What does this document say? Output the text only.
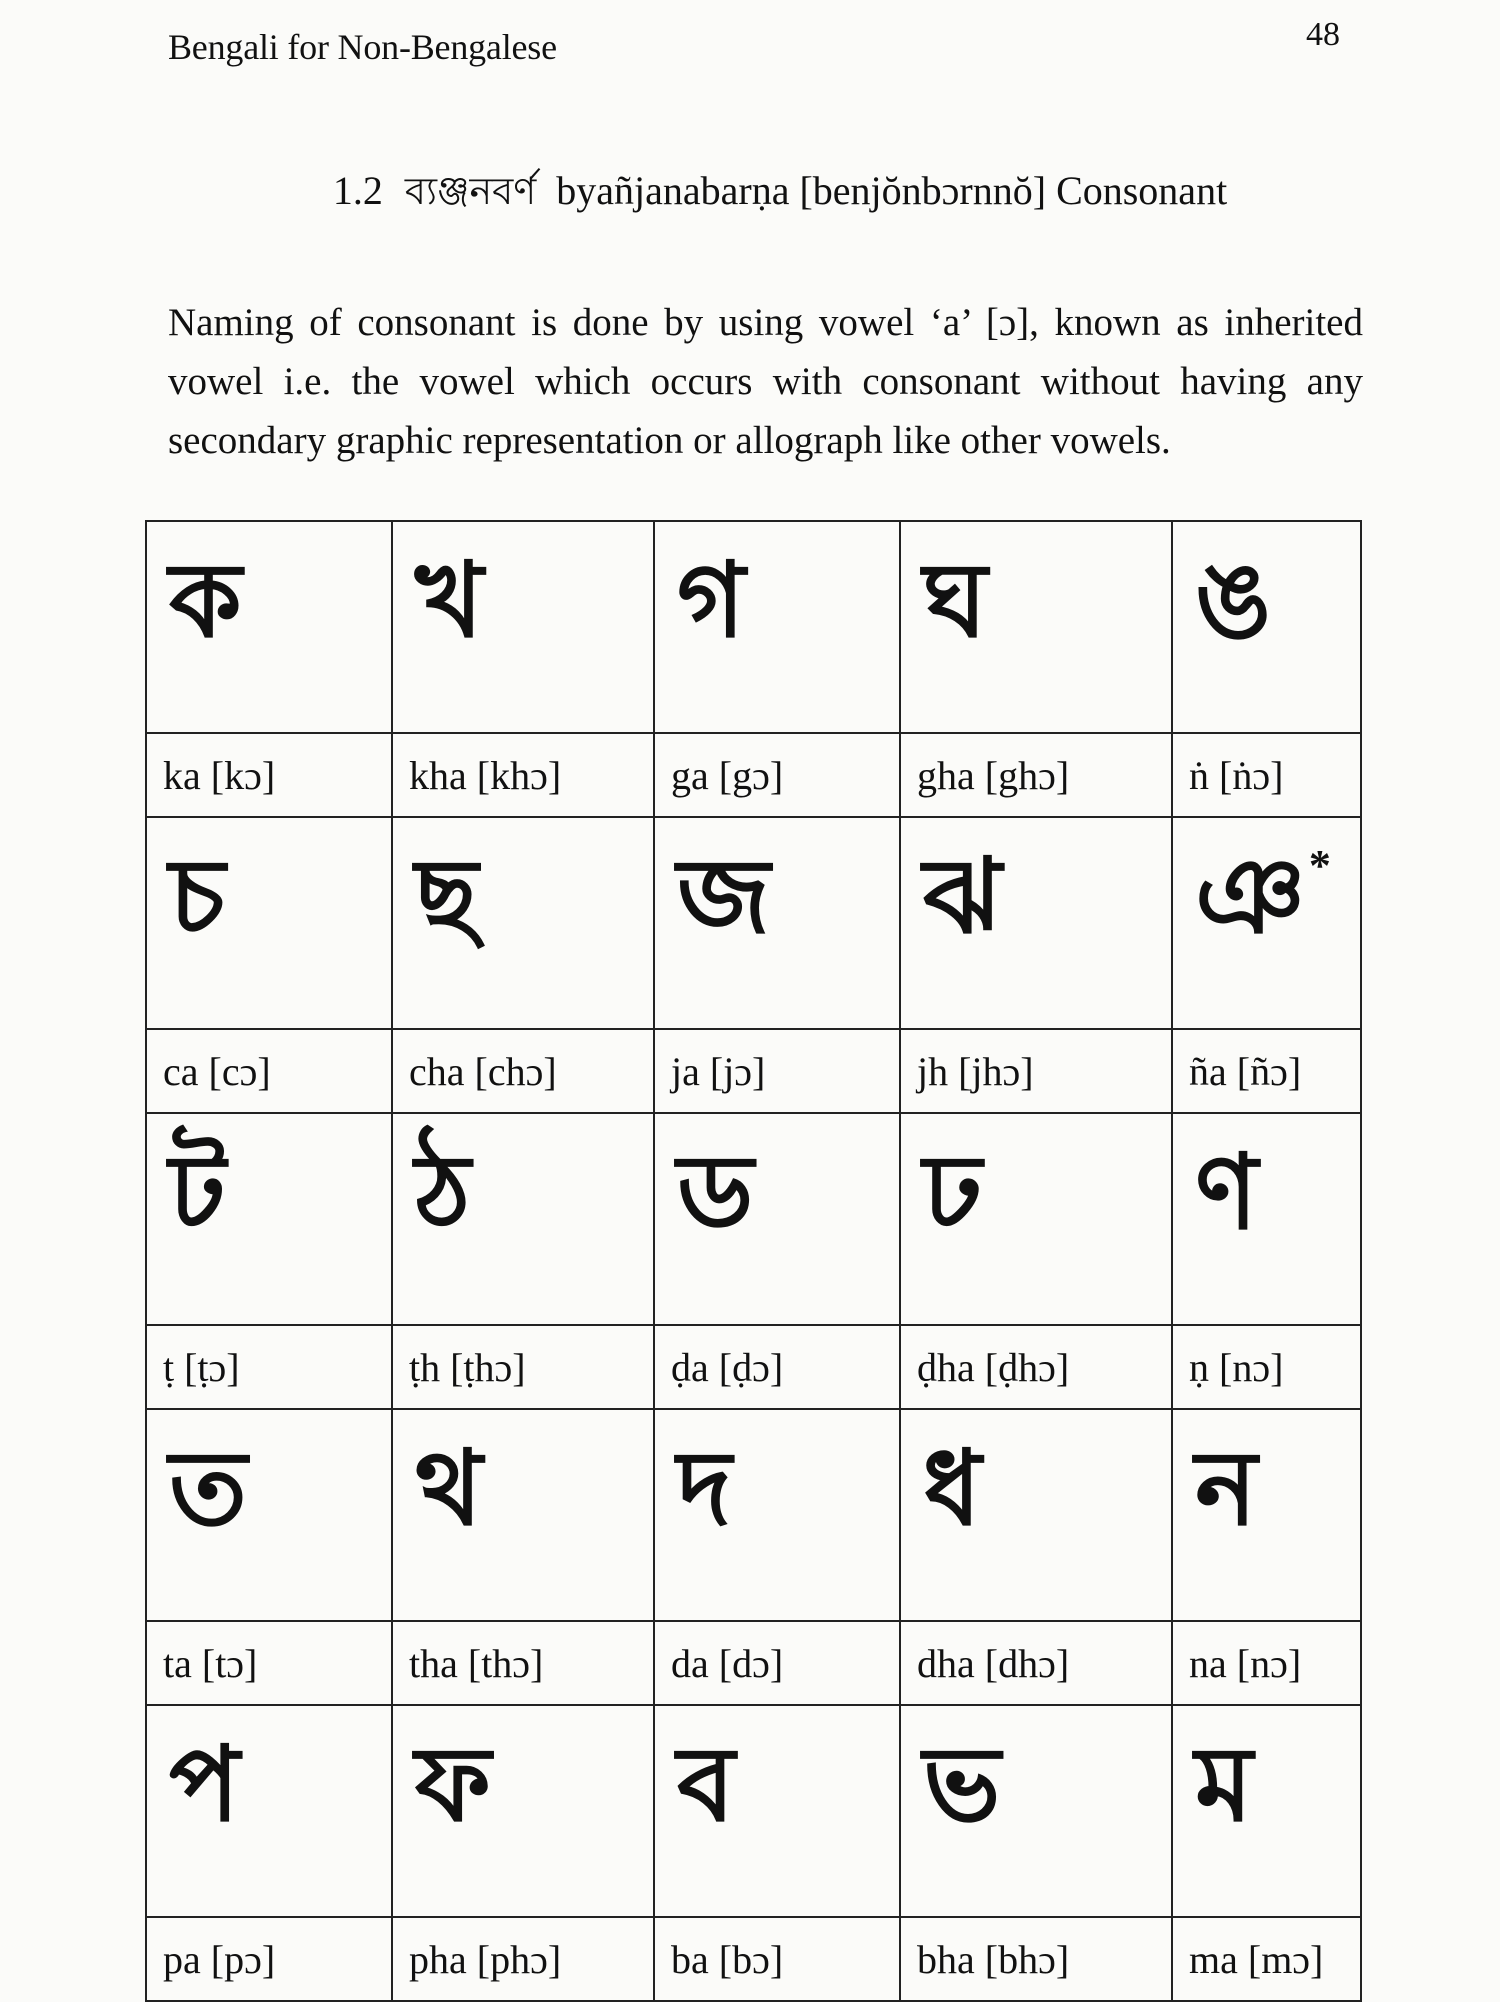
Bengali for Non-Bengalese	48
1.2 ব্যঞ্জনবর্ণ byañjanabarṇa [benjŏnbɔrnnŏ] Consonant

Naming of consonant is done by using vowel ‘a’ [ɔ], known as inherited vowel i.e. the vowel which occurs with consonant without having any secondary graphic representation or allograph like other vowels.

ক	খ	গ	ঘ	ঙ

ka [kɔ]	kha [khɔ]	ga [gɔ]	gha [ghɔ]	ṅ [ṅɔ]

চ	ছ	জ	ঝ	ঞ*

ca [cɔ]	cha [chɔ]	ja [jɔ]	jh [jhɔ]	ña [ñɔ]

ট	ঠ	ড	ঢ	ণ

ṭ [ṭɔ]	ṭh [ṭhɔ]	ḍa [ḍɔ]	ḍha [ḍhɔ]	ṇ [nɔ]

ত	থ	দ	ধ	ন

ta [tɔ]	tha [thɔ]	da [dɔ]	dha [dhɔ]	na [nɔ]

প	ফ	ব	ভ	ম

pa [pɔ]	pha [phɔ]	ba [bɔ]	bha [bhɔ]	ma [mɔ]
